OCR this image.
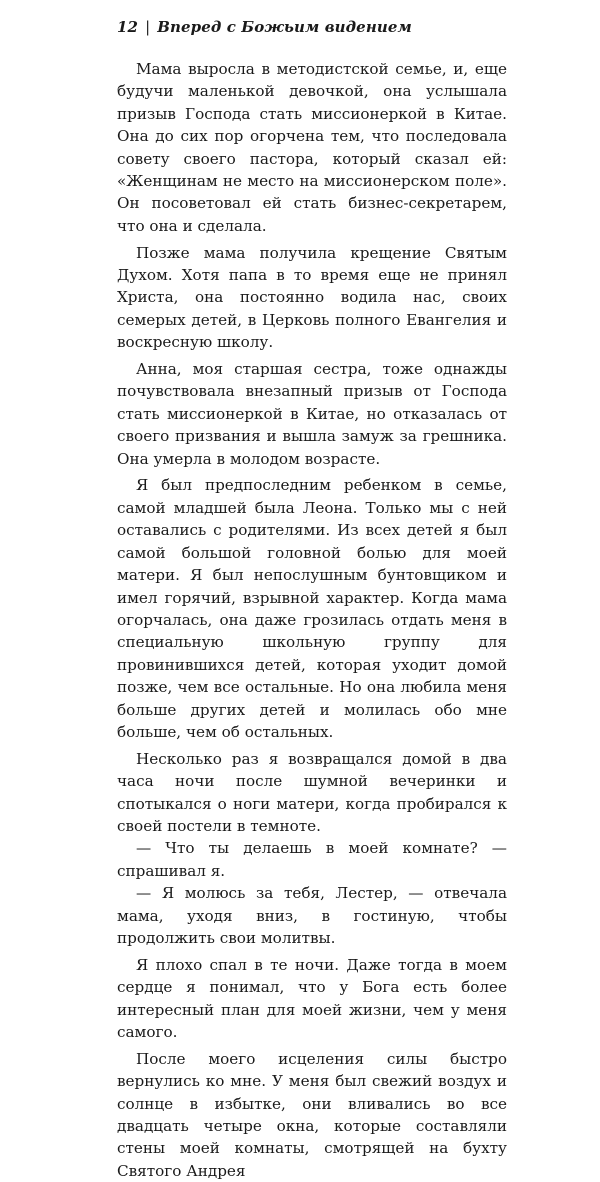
12 | Вперед с Божьим видением

Мама выросла в методистской семье, и, еще будучи маленькой девочкой, она услышала призыв Господа стать миссионеркой в Китае. Она до сих пор огорчена тем, что последовала совету своего пастора, который сказал ей: «Женщинам не место на миссионерском поле». Он посоветовал ей стать бизнес-секретарем, что она и сделала.

Позже мама получила крещение Святым Духом. Хотя папа в то время еще не принял Христа, она постоянно водила нас, своих семерых детей, в Церковь полного Евангелия и воскресную школу.

Анна, моя старшая сестра, тоже однажды почувствовала внезапный призыв от Господа стать миссионеркой в Китае, но отказалась от своего призвания и вышла замуж за грешника. Она умерла в молодом возрасте.

Я был предпоследним ребенком в семье, самой младшей была Леона. Только мы с ней оставались с родителями. Из всех детей я был самой большой головной болью для моей матери. Я был непослушным бунтовщиком и имел горячий, взрывной характер. Когда мама огорчалась, она даже грозилась отдать меня в специальную школьную группу для провинившихся детей, которая уходит домой позже, чем все остальные. Но она любила меня больше других детей и молилась обо мне больше, чем об остальных.

Несколько раз я возвращался домой в два часа ночи после шумной вечеринки и спотыкался о ноги матери, когда пробирался к своей постели в темноте.

— Что ты делаешь в моей комнате? — спрашивал я.

— Я молюсь за тебя, Лестер, — отвечала мама, уходя вниз, в гостиную, чтобы продолжить свои молитвы.

Я плохо спал в те ночи. Даже тогда в моем сердце я понимал, что у Бога есть более интересный план для моей жизни, чем у меня самого.

После моего исцеления силы быстро вернулись ко мне. У меня был свежий воздух и солнце в избытке, они вливались во все двадцать четыре окна, которые составляли стены моей комнаты, смотрящей на бухту Святого Андрея
